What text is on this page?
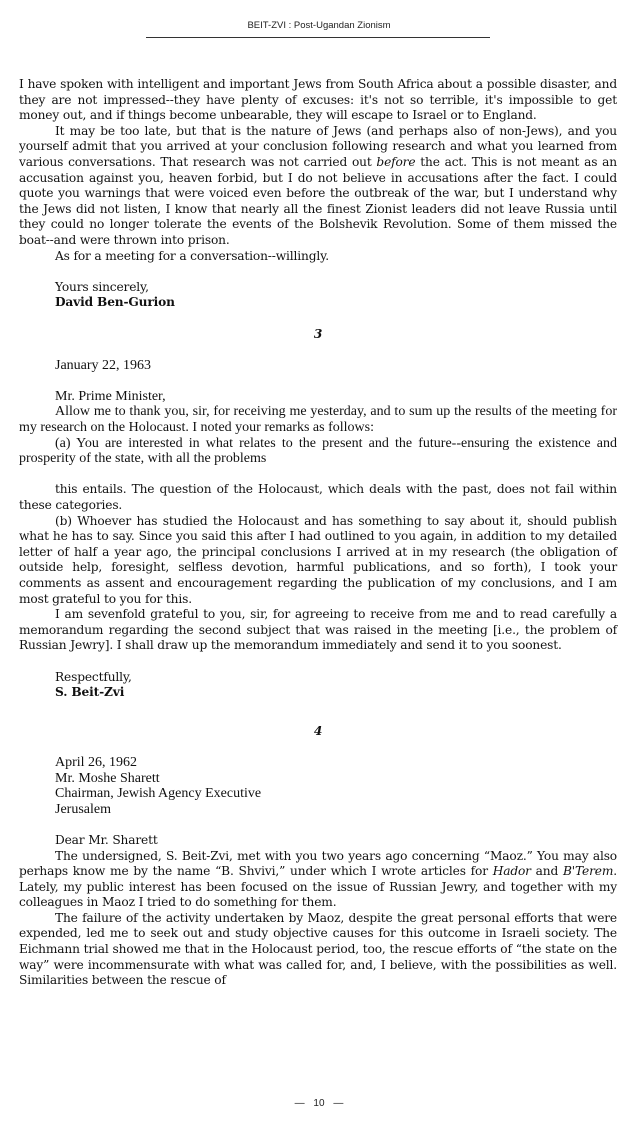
BEIT-ZVI : Post-Ugandan Zionism

I have spoken with intelligent and important Jews from South Africa about a possible disaster, and they are not impressed--they have plenty of excuses: it's not so terrible, it's impossible to get money out, and if things become unbearable, they will escape to Israel or to England.

It may be too late, but that is the nature of Jews (and perhaps also of non-Jews), and you yourself admit that you arrived at your conclusion following research and what you learned from various conversations. That research was not carried out before the act. This is not meant as an accusation against you, heaven forbid, but I do not believe in accusations after the fact. I could quote you warnings that were voiced even before the outbreak of the war, but I understand why the Jews did not listen, I know that nearly all the finest Zionist leaders did not leave Russia until they could no longer tolerate the events of the Bolshevik Revolution. Some of them missed the boat--and were thrown into prison.

As for a meeting for a conversation--willingly.

Yours sincerely,

David Ben-Gurion

3

January 22, 1963

Mr. Prime Minister,

Allow me to thank you, sir, for receiving me yesterday, and to sum up the results of the meeting for my research on the Holocaust. I noted your remarks as follows:

(a) You are interested in what relates to the present and the future--ensuring the existence and prosperity of the state, with all the problems

this entails. The question of the Holocaust, which deals with the past, does not fail within these categories.

(b) Whoever has studied the Holocaust and has something to say about it, should publish what he has to say. Since you said this after I had outlined to you again, in addition to my detailed letter of half a year ago, the principal conclusions I arrived at in my research (the obligation of outside help, foresight, selfless devotion, harmful publications, and so forth), I took your comments as assent and encouragement regarding the publication of my conclusions, and I am most grateful to you for this.

I am sevenfold grateful to you, sir, for agreeing to receive from me and to read carefully a memorandum regarding the second subject that was raised in the meeting [i.e., the problem of Russian Jewry]. I shall draw up the memorandum immediately and send it to you soonest.

Respectfully,

S. Beit-Zvi

4

April 26, 1962

Mr. Moshe Sharett

Chairman, Jewish Agency Executive

Jerusalem

Dear Mr. Sharett

The undersigned, S. Beit-Zvi, met with you two years ago concerning “Maoz.” You may also perhaps know me by the name “B. Shvivi,” under which I wrote articles for Hador and B'Terem. Lately, my public interest has been focused on the issue of Russian Jewry, and together with my colleagues in Maoz I tried to do something for them.

The failure of the activity undertaken by Maoz, despite the great personal efforts that were expended, led me to seek out and study objective causes for this outcome in Israeli society. The Eichmann trial showed me that in the Holocaust period, too, the rescue efforts of “the state on the way” were incommensurate with what was called for, and, I believe, with the possibilities as well. Similarities between the rescue of

— 10 —
